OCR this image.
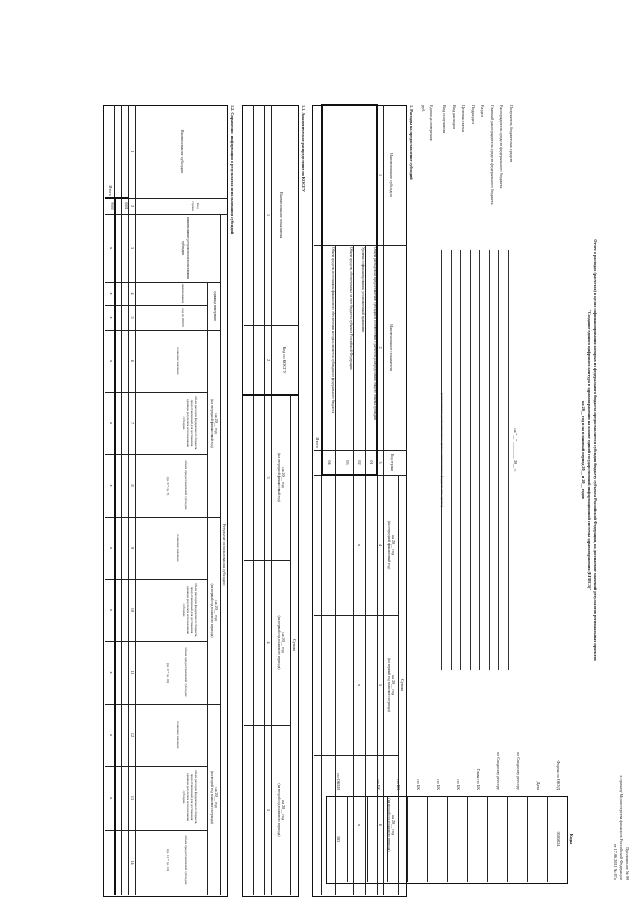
Приложение № 99
к приказу Министерства финансов Российской Федерации
от 17.06.2021 № 87н
Отчет о расходах (расчетах) в целях софинансирования которых из федерального бюджета предоставляется субсидия бюджету субъекта Российской Федерации, на достижение значений результатов региональных проектов
"Создание единого цифрового контура в здравоохранении на основе единой государственной информационной системы здравоохранения (ЕГИСЗ)"
на 20__ год и на плановый период 20__ и 20__ годов
на "__" ________ 20__ г.
Коды
Форма по ОКУД
0505824
Дата
по Сводному реестру
по Сводному реестру
Глава по БК
по БК
по БК
по БК
по БК
по БК
по ОКЕИ
383
Получатель бюджетных средств
Распорядитель средств федерального бюджета
Главный распорядитель средств федерального бюджета
Раздел
Подраздел
Целевая статья
Вид расходов
Вид получателя
Единица измерения:
руб.
(наименование уполномоченного органа / наименование федерального органа)
1. Расходы на предоставление субсидий
Наименование субсидии
Наименование показателя
Код строки
Сумма
на 20__ год
(на очередной финансовый год)
на 20__ год
(на первый год планового периода)
на 20__ год
(на второй год планового периода)
1
2
3
4
5
6
Объем расходов на предоставление субсидии в соответствии с расчетом распределения общего объема субсидий
01
Уровень софинансирования, установленный правилами
02
x
x
x
Объем средств, обеспеченных за счет бюджета субъекта Российской Федерации
03
Объем средств, источником финансового обеспечения которых является субсидия из федерального бюджета
04
Итого
1.1. Аналитическое распределение по КОСГУ
Наименование показателя
Код по КОСГУ
Сумма
на 20__ год
(на очередной финансовый год)
на 20__ год
(на первый год планового периода)
на 20__ год
(на второй год планового периода)
1
2
3
4
5
1.2. Справочно: информация о результатах использования субсидий
Наименование субсидии
Код строки
Результат использования субсидии
наименование результата использования субсидии
единица измерения
наименование
код по ОКЕИ
на 20__ год
(на очередной финансовый год)
плановое значение
объем расходов федерального бюджета, предоставленный для достижения единицы результата использования субсидии
объем предоставляемой субсидии
(гр. 6 * гр. 7)
на 20__ год
(на первый год планового периода)
плановое значение
объем расходов федерального бюджета, предоставленный для достижения единицы результата использования субсидии
объем предоставляемой субсидии
(гр. 9 * гр. 10)
на 20__ год
(на второй год планового периода)
плановое значение
объем расходов федерального бюджета, предоставленный для достижения единицы результата использования субсидии
объем предоставляемой субсидии
(гр. 12 * гр. 13)
1
2
3
4
5
6
7
8
9
10
11
12
13
14
0001
9000
x
x
x
x
x
x
x
x
x
x
x
Итого
